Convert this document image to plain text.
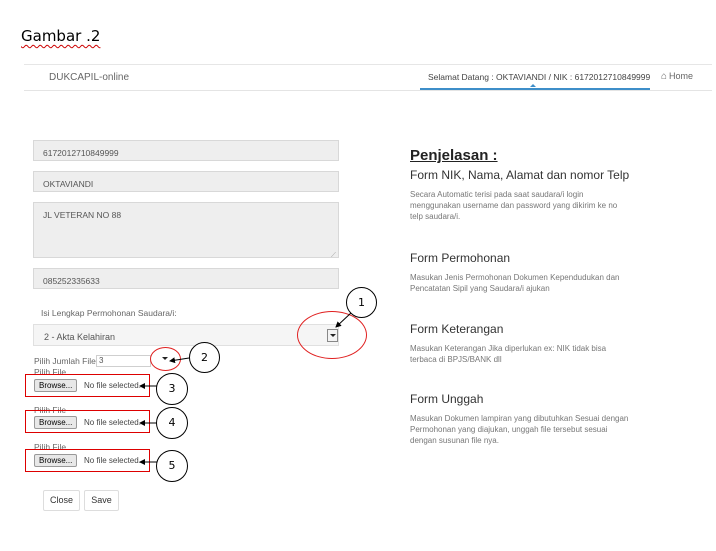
Gambar .2
DUKCAPIL-online	Selamat Datang : OKTAVIANDI / NIK : 6172012710849999 ⌂ Home
6172012710849999
OKTAVIANDI
JL VETERAN NO 88
⟋
085252335633
Isi Lengkap Permohonan Saudara/i:
2 - Akta Kelahiran
Pilih Jumlah File 3
Pilih File
Browse...	No file selected.
Pilih File
Browse...	No file selected.
Pilih File
Browse...	No file selected.
Close	Save
1
2
3
4
5
Penjelasan :
Form NIK, Nama, Alamat dan nomor Telp
Secara Automatic terisi pada saat saudara/i login
menggunakan username dan password yang dikirim ke no
telp saudara/i.
Form Permohonan
Masukan Jenis Permohonan Dokumen Kependudukan dan
Pencatatan Sipil yang Saudara/i ajukan
Form Keterangan
Masukan Keterangan Jika diperlukan ex: NIK tidak bisa
terbaca di BPJS/BANK dll
Form Unggah
Masukan Dokumen lampiran yang dibutuhkan Sesuai dengan
Permohonan yang diajukan, unggah file tersebut sesuai
dengan susunan file nya.
